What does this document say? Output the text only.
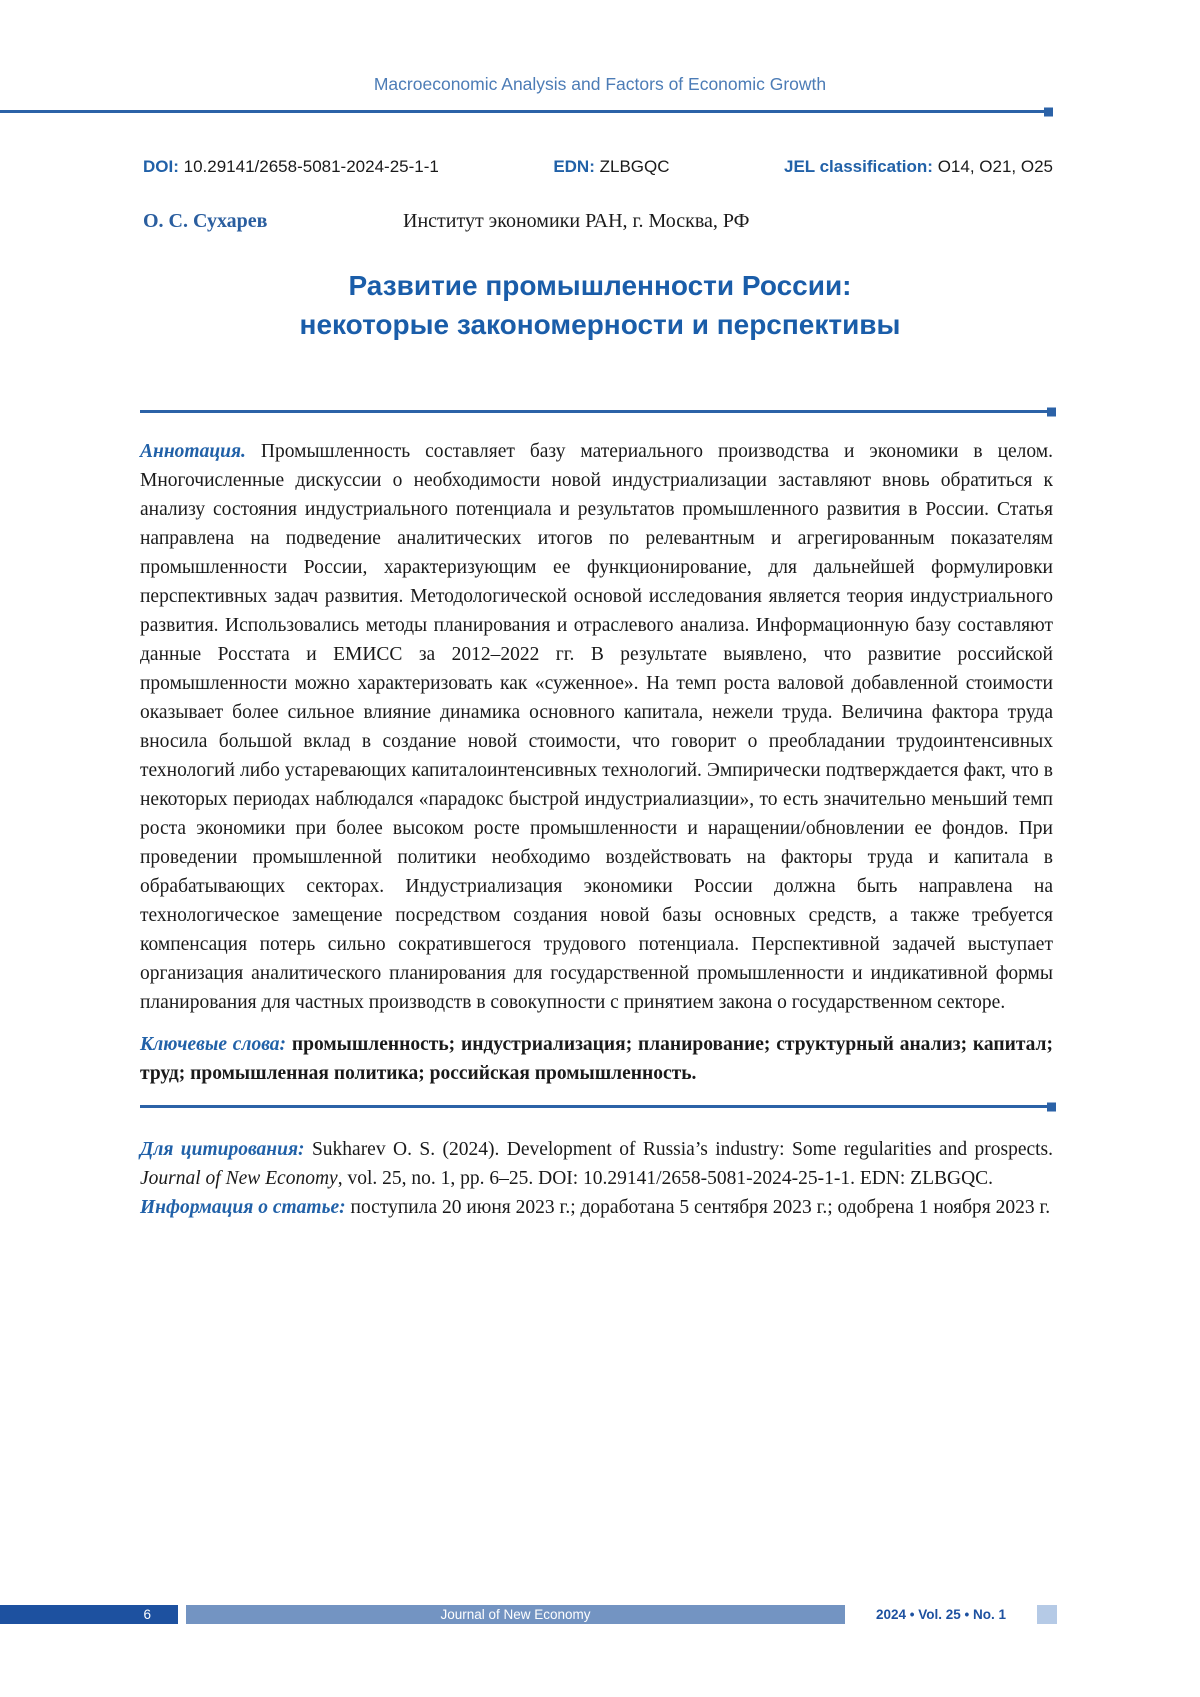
Macroeconomic Analysis and Factors of Economic Growth
DOI: 10.29141/2658-5081-2024-25-1-1	EDN: ZLBGQC	JEL classification: O14, O21, O25
О. С. Сухарев	Институт экономики РАН, г. Москва, РФ
Развитие промышленности России:
некоторые закономерности и перспективы

Аннотация. Промышленность составляет базу материального производства и экономики в целом. Многочисленные дискуссии о необходимости новой индустриализации заставляют вновь обратиться к анализу состояния индустриального потенциала и результатов промышленного развития в России. Статья направлена на подведение аналитических итогов по релевантным и агрегированным показателям промышленности России, характеризующим ее функционирование, для дальнейшей формулировки перспективных задач развития. Методологической основой исследования является теория индустриального развития. Использовались методы планирования и отраслевого анализа. Информационную базу составляют данные Росстата и ЕМИСС за 2012–2022 гг. В результате выявлено, что развитие российской промышленности можно характеризовать как «суженное». На темп роста валовой добавленной стоимости оказывает более сильное влияние динамика основного капитала, нежели труда. Величина фактора труда вносила большой вклад в создание новой стоимости, что говорит о преобладании трудоинтенсивных технологий либо устаревающих капиталоинтенсивных технологий. Эмпирически подтверждается факт, что в некоторых периодах наблюдался «парадокс быстрой индустриалиазции», то есть значительно меньший темп роста экономики при более высоком росте промышленности и наращении/обновлении ее фондов. При проведении промышленной политики необходимо воздействовать на факторы труда и капитала в обрабатывающих секторах. Индустриализация экономики России должна быть направлена на технологическое замещение посредством создания новой базы основных средств, а также требуется компенсация потерь сильно сократившегося трудового потенциала. Перспективной задачей выступает организация аналитического планирования для государственной промышленности и индикативной формы планирования для частных производств в совокупности с принятием закона о государственном секторе.

Ключевые слова: промышленность; индустриализация; планирование; структурный анализ; капитал; труд; промышленная политика; российская промышленность.

Для цитирования: Sukharev O. S. (2024). Development of Russia’s industry: Some regularities and prospects. Journal of New Economy, vol. 25, no. 1, pp. 6–25. DOI: 10.29141/2658-5081-2024-25-1-1. EDN: ZLBGQC.

Информация о статье: поступила 20 июня 2023 г.; доработана 5 сентября 2023 г.; одобрена 1 ноября 2023 г.

6	Journal of New Economy	2024 • Vol. 25 • No. 1
